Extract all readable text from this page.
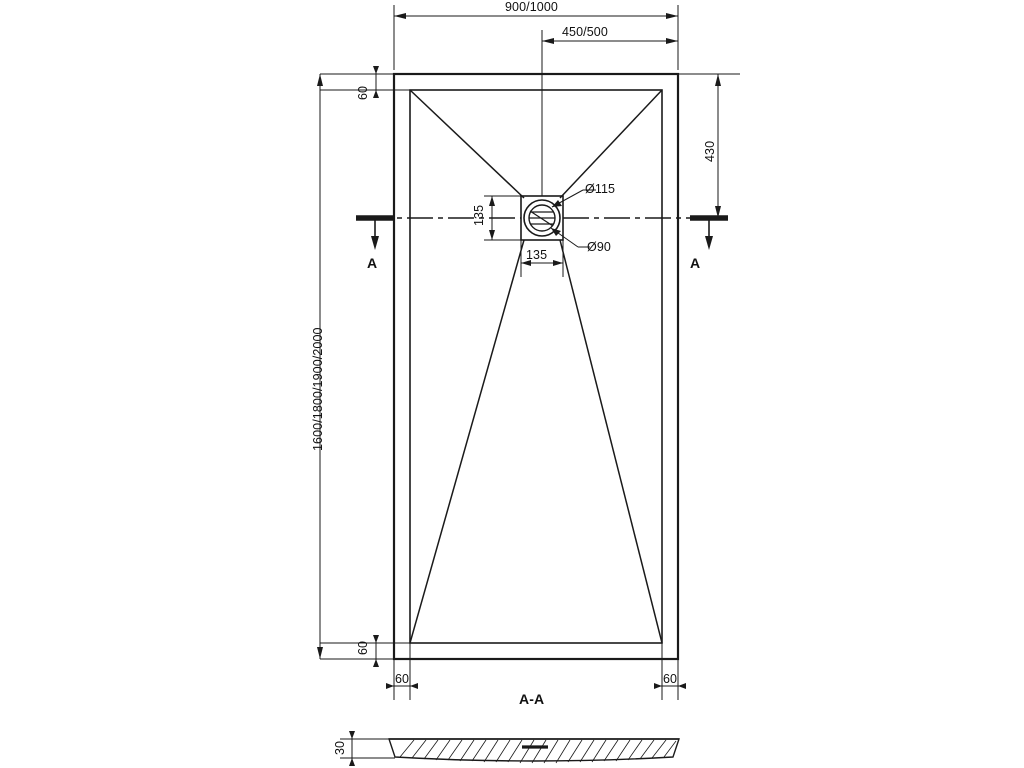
900/1000
450/500
430
1600/1800/1900/2000
60
60
60	60
135
135
Ø115
Ø90
A	A
A-A
30
